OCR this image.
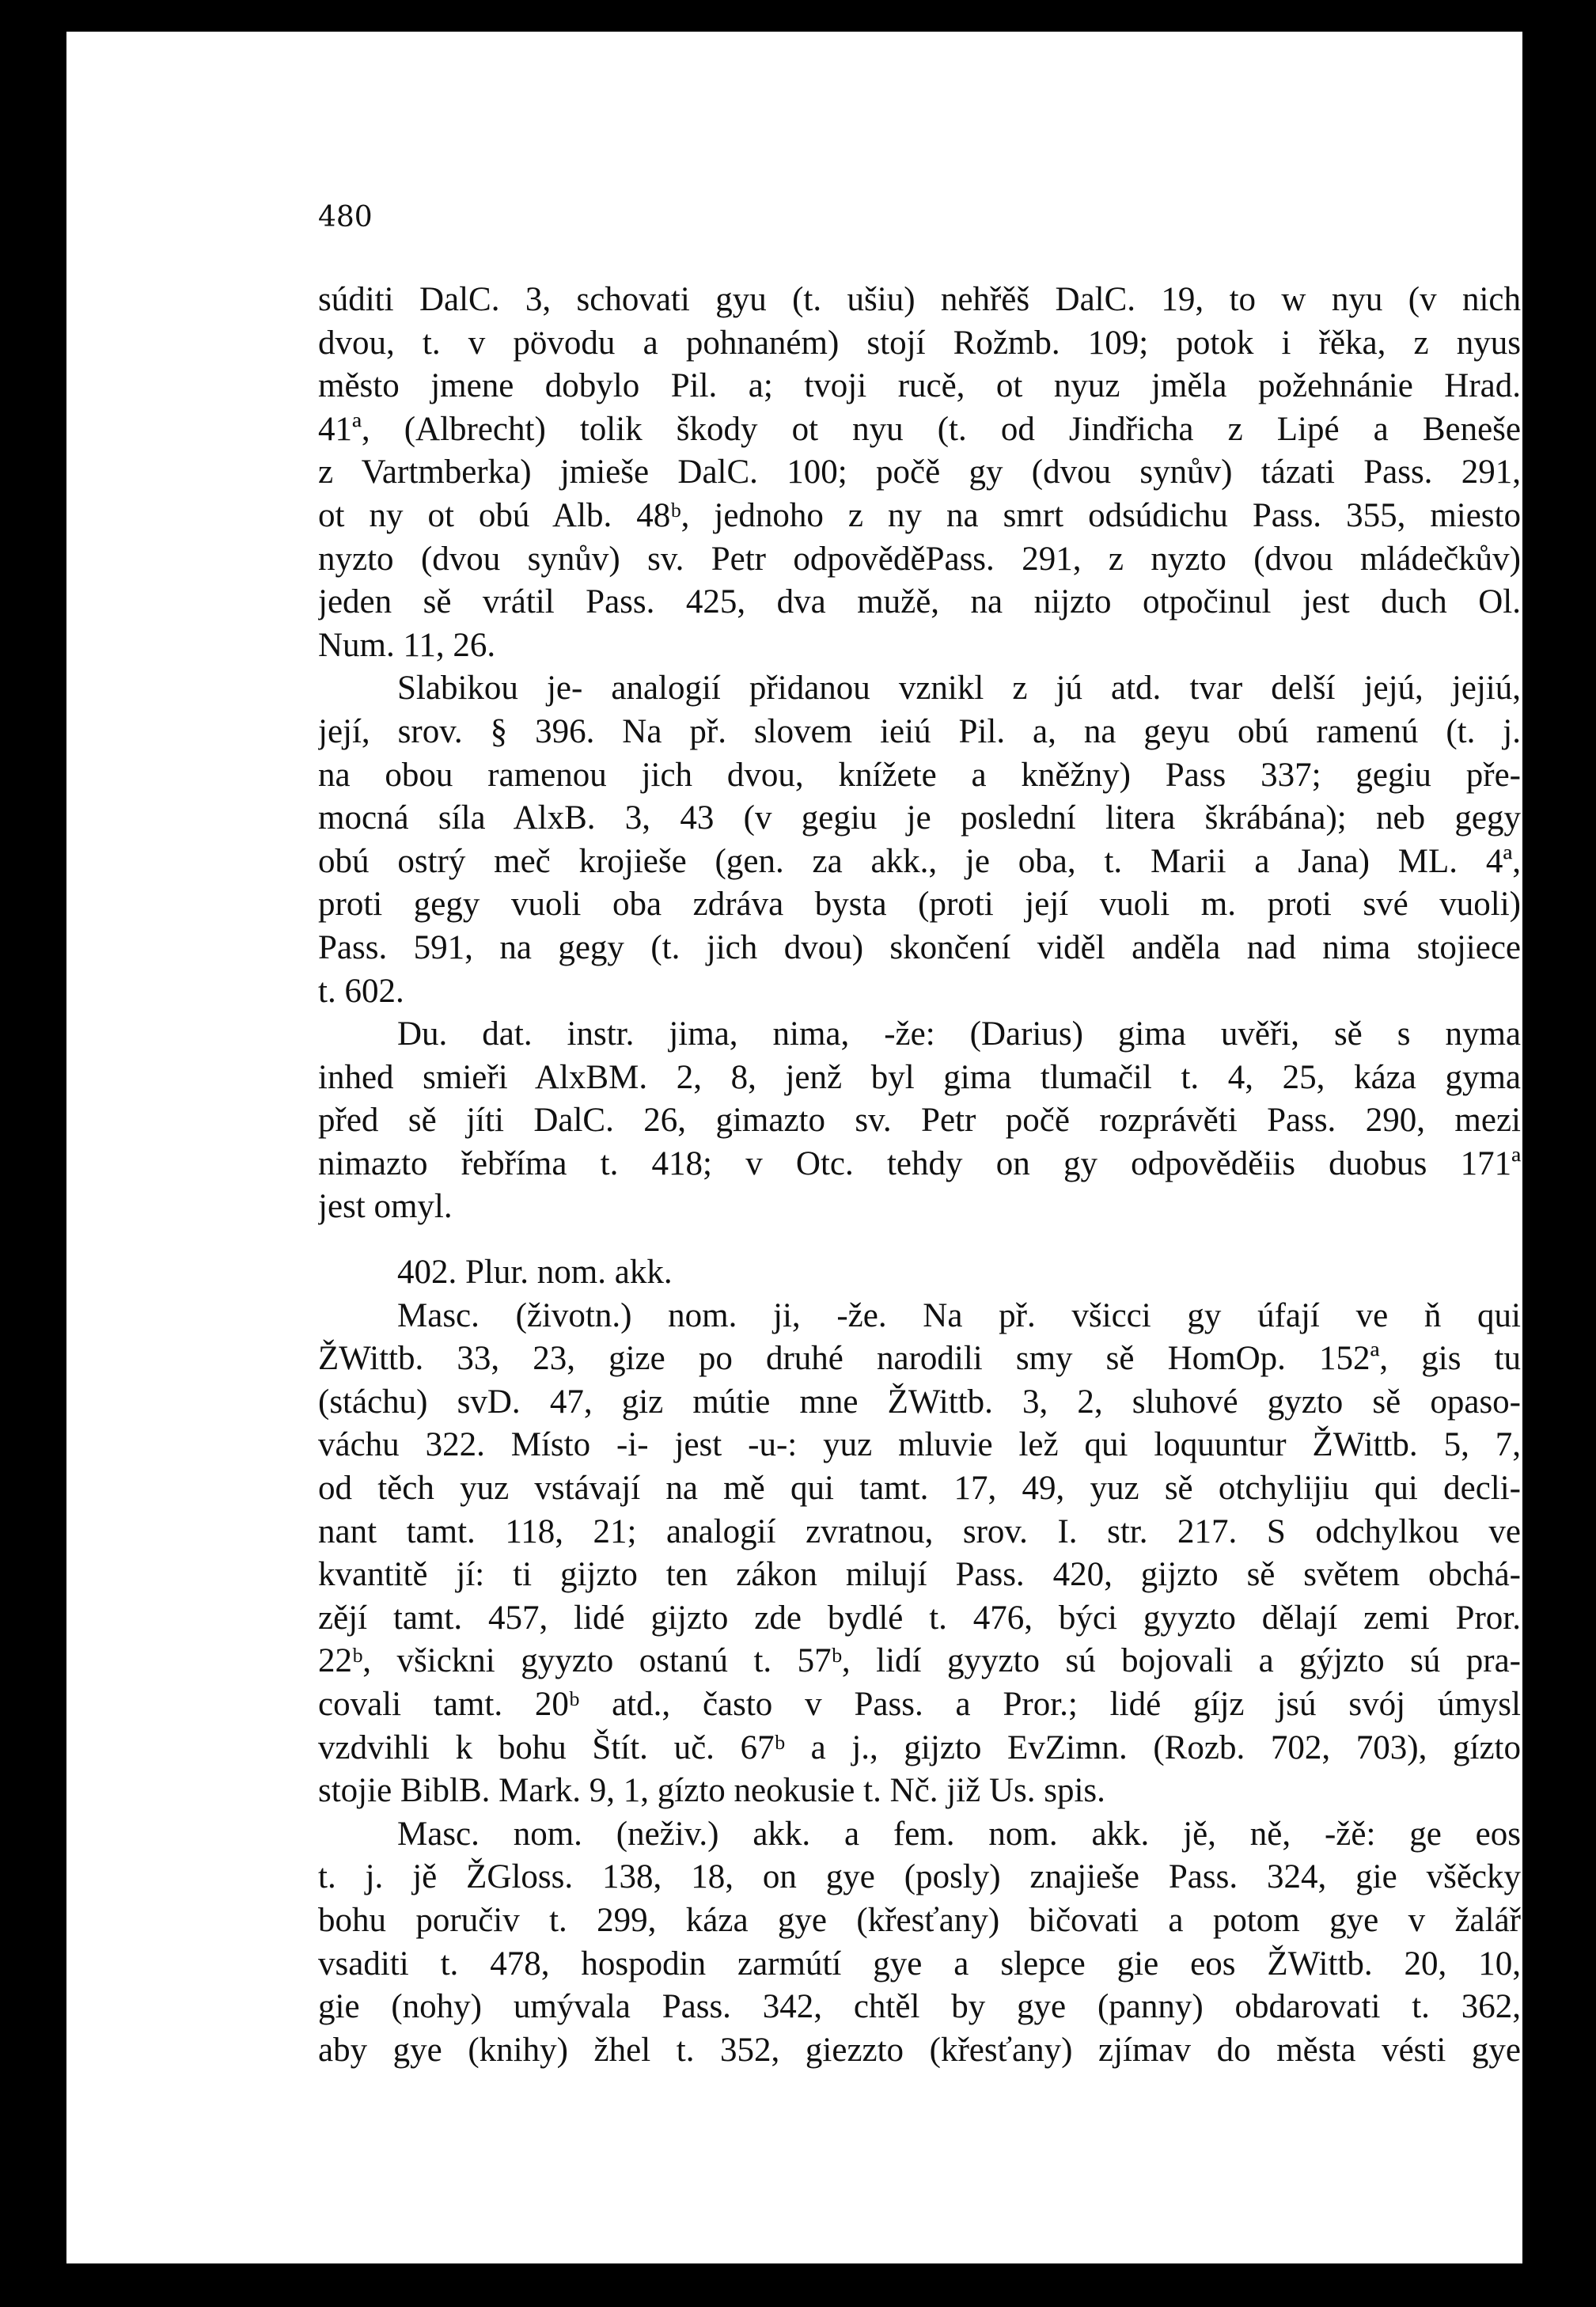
480
súditi DalC. 3, schovati gyu (t. ušiu) nehřěš DalC. 19, to w nyu (v nich
dvou, t. v pövodu a pohnaném) stojí Rožmb. 109; potok i řěka, z nyus
město jmene dobylo Pil. a; tvoji rucě, ot nyuz jměla požehnánie Hrad.
41ª, (Albrecht) tolik škody ot nyu (t. od Jindřicha z Lipé a Beneše
z Vartmberka) jmieše DalC. 100; počě gy (dvou synův) tázati Pass. 291,
ot ny ot obú Alb. 48ᵇ, jednoho z ny na smrt odsúdichu Pass. 355, miesto
nyzto (dvou synův) sv. Petr odpověděPass. 291, z nyzto (dvou mládečkův)
jeden sě vrátil Pass. 425, dva mužě, na nijzto otpočinul jest duch Ol.
Num. 11, 26.
Slabikou je- analogií přidanou vznikl z jú atd. tvar delší jejú, jejiú,
její, srov. § 396. Na př. slovem ieiú Pil. a, na geyu obú ramenú (t. j.
na obou ramenou jich dvou, knížete a kněžny) Pass 337; gegiu pře-
mocná síla AlxB. 3, 43 (v gegiu je poslední litera škrábána); neb gegy
obú ostrý meč krojieše (gen. za akk., je oba, t. Marii a Jana) ML. 4ª,
proti gegy vuoli oba zdráva bysta (proti její vuoli m. proti své vuoli)
Pass. 591, na gegy (t. jich dvou) skončení viděl anděla nad nima stojiece
t. 602.
Du. dat. instr. jima, nima, -že: (Darius) gima uvěři, sě s nyma
inhed smieři AlxBM. 2, 8, jenž byl gima tlumačil t. 4, 25, káza gyma
před sě jíti DalC. 26, gimazto sv. Petr počě rozprávěti Pass. 290, mezi
nimazto řebříma t. 418; v Otc. tehdy on gy odpověděiis duobus 171ª
jest omyl.
402. Plur. nom. akk.
Masc. (životn.) nom. ji, -že. Na př. všicci gy úfají ve ň qui
ŽWittb. 33, 23, gize po druhé narodili smy sě HomOp. 152ª, gis tu
(stáchu) svD. 47, giz mútie mne ŽWittb. 3, 2, sluhové gyzto sě opaso-
váchu 322. Místo -i- jest -u-: yuz mluvie lež qui loquuntur ŽWittb. 5, 7,
od těch yuz vstávají na mě qui tamt. 17, 49, yuz sě otchylijiu qui decli-
nant tamt. 118, 21; analogií zvratnou, srov. I. str. 217. S odchylkou ve
kvantitě jí: ti gijzto ten zákon milují Pass. 420, gijzto sě světem obchá-
zějí tamt. 457, lidé gijzto zde bydlé t. 476, býci gyyzto dělají zemi Pror.
22ᵇ, všickni gyyzto ostanú t. 57ᵇ, lidí gyyzto sú bojovali a gýjzto sú pra-
covali tamt. 20ᵇ atd., často v Pass. a Pror.; lidé gíjz jsú svój úmysl
vzdvihli k bohu Štít. uč. 67ᵇ a j., gijzto EvZimn. (Rozb. 702, 703), gízto
stojie BiblB. Mark. 9, 1, gízto neokusie t. Nč. již Us. spis.
Masc. nom. (neživ.) akk. a fem. nom. akk. jě, ně, -žě: ge eos
t. j. jě ŽGloss. 138, 18, on gye (posly) znajieše Pass. 324, gie všěcky
bohu poručiv t. 299, káza gye (křesťany) bičovati a potom gye v žalář
vsaditi t. 478, hospodin zarmútí gye a slepce gie eos ŽWittb. 20, 10,
gie (nohy) umývala Pass. 342, chtěl by gye (panny) obdarovati t. 362,
aby gye (knihy) žhel t. 352, giezzto (křesťany) zjímav do města vésti gye
